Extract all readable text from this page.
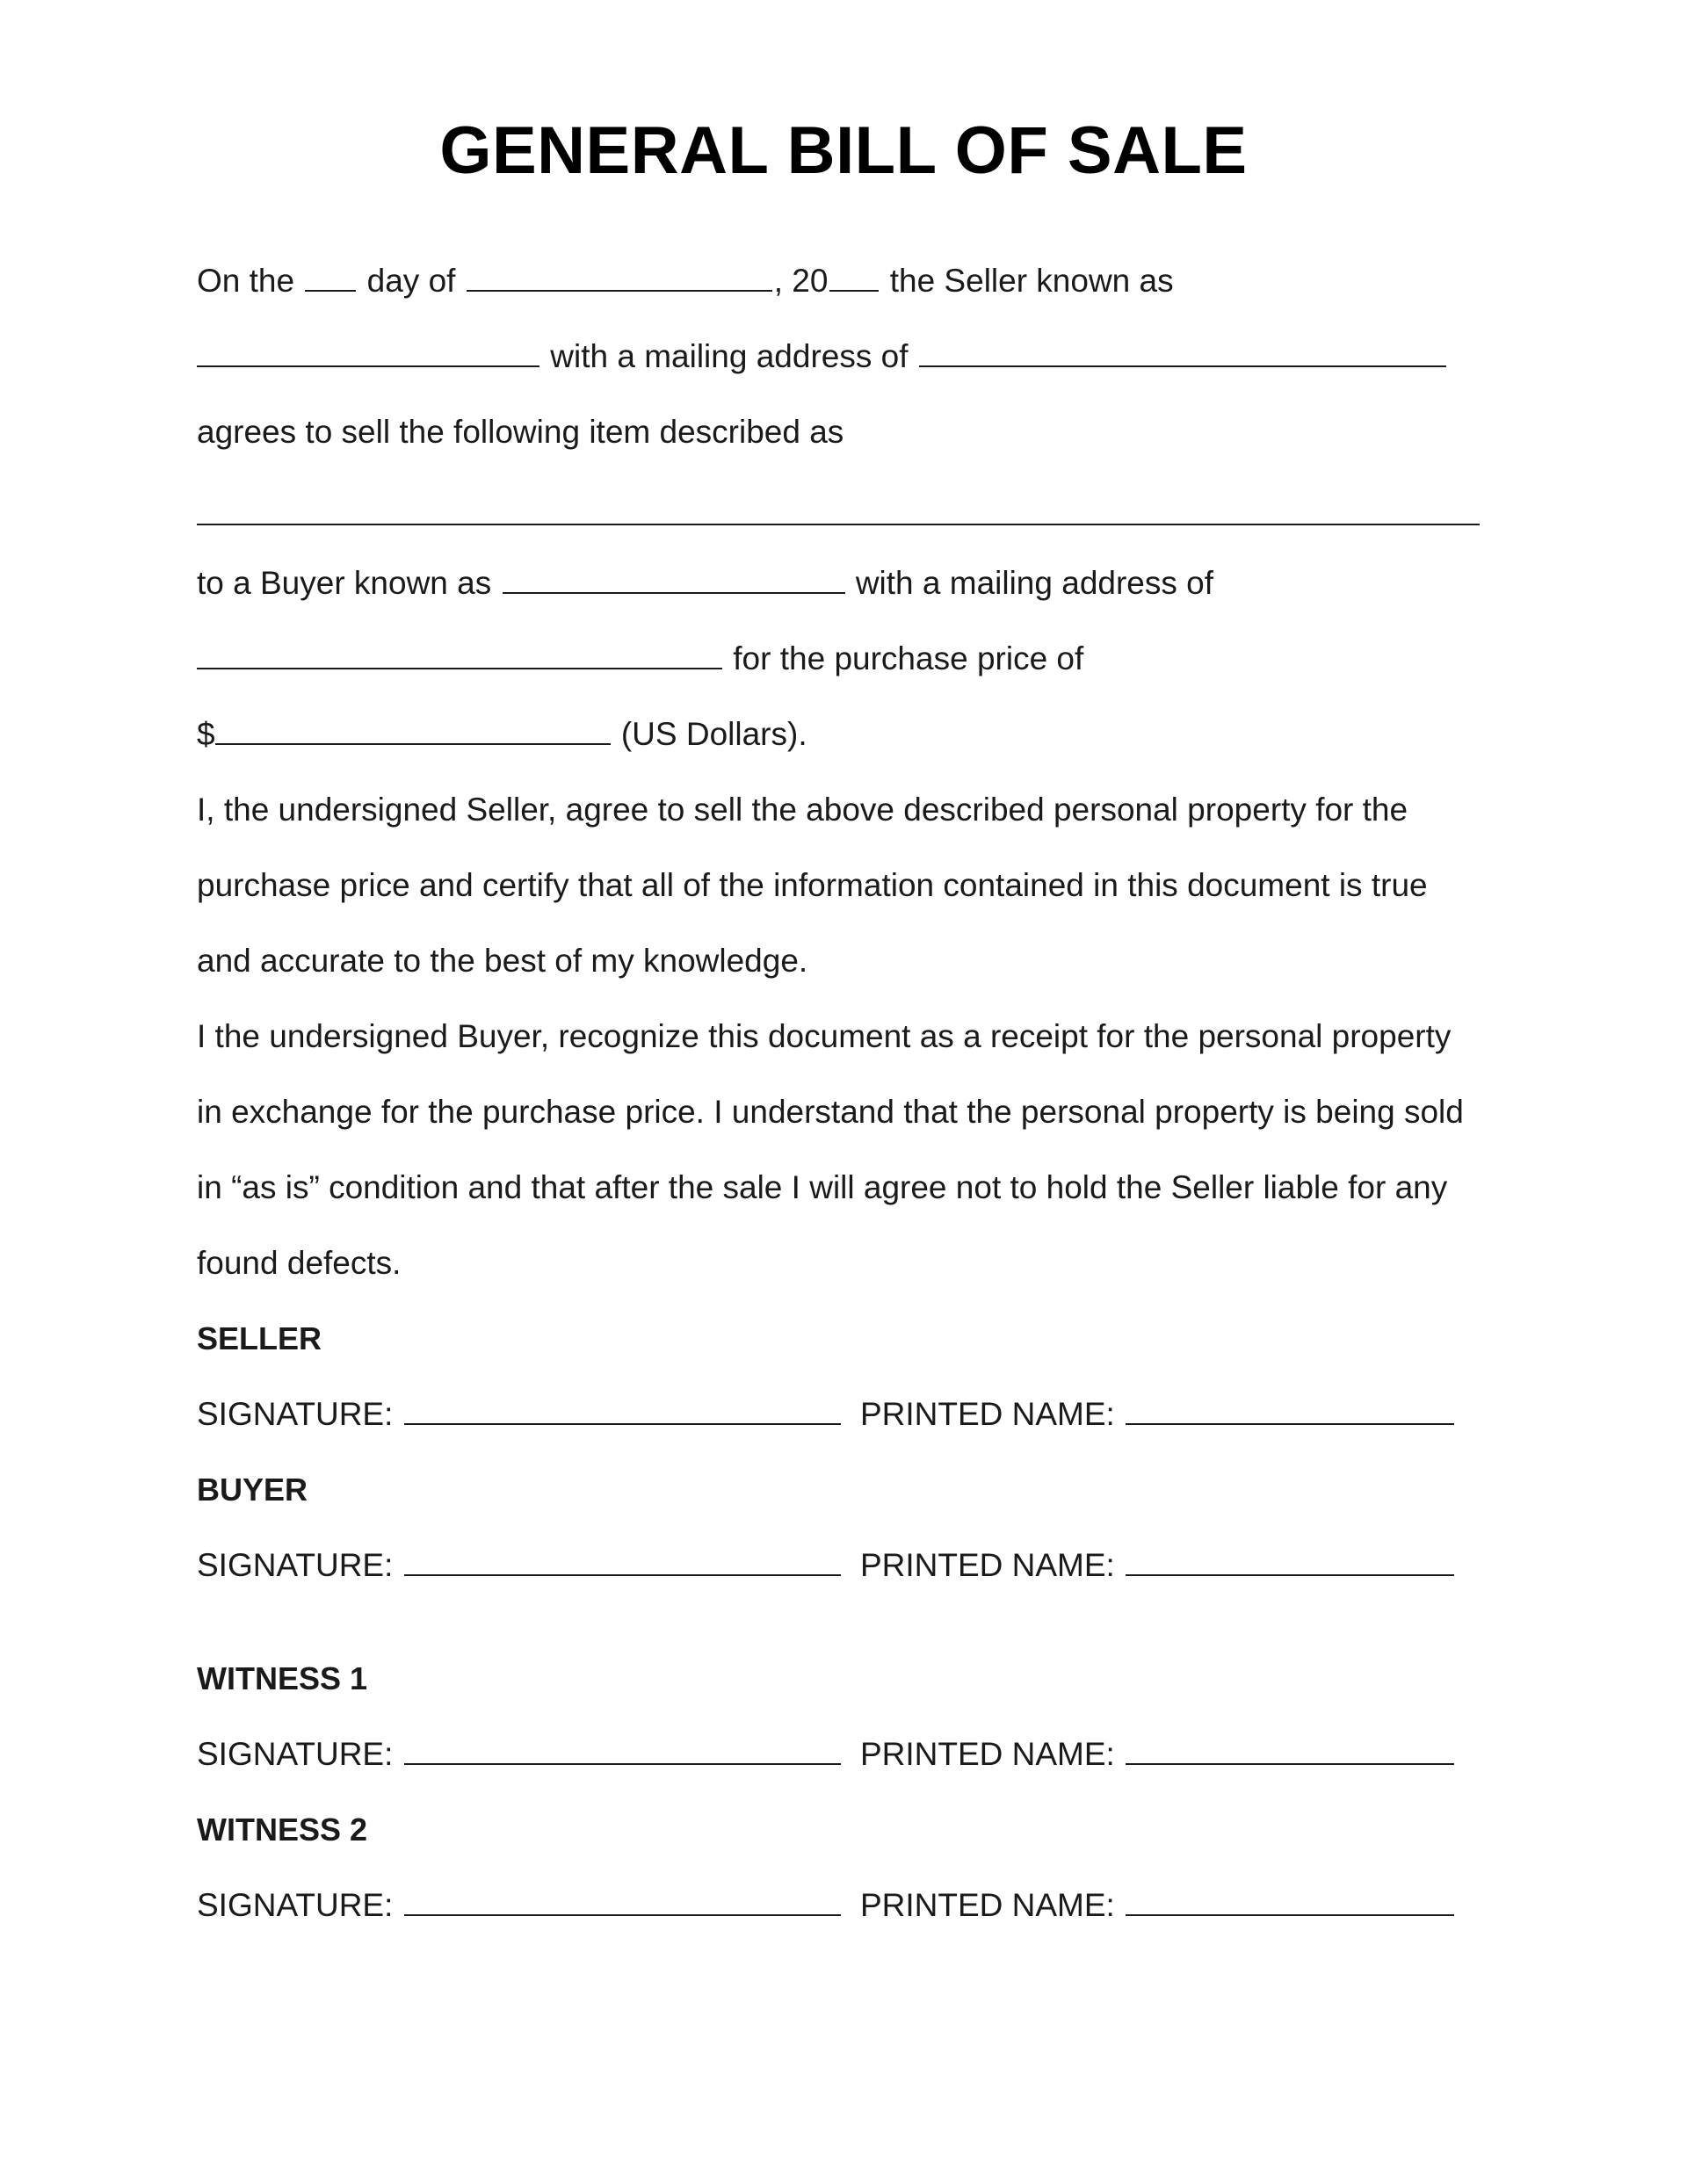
GENERAL BILL OF SALE
On the day of	, 20 the Seller known as
with a mailing address of
agrees to sell the following item described as
to a Buyer known as	with a mailing address of
for the purchase price of
$	(US Dollars).
I, the undersigned Seller, agree to sell the above described personal property for the
purchase price and certify that all of the information contained in this document is true
and accurate to the best of my knowledge.
I the undersigned Buyer, recognize this document as a receipt for the personal property
in exchange for the purchase price. I understand that the personal property is being sold
in “as is” condition and that after the sale I will agree not to hold the Seller liable for any
found defects.
SELLER
SIGNATURE:	PRINTED NAME:
BUYER
SIGNATURE:	PRINTED NAME:
WITNESS 1
SIGNATURE:	PRINTED NAME:
WITNESS 2
SIGNATURE:	PRINTED NAME:
